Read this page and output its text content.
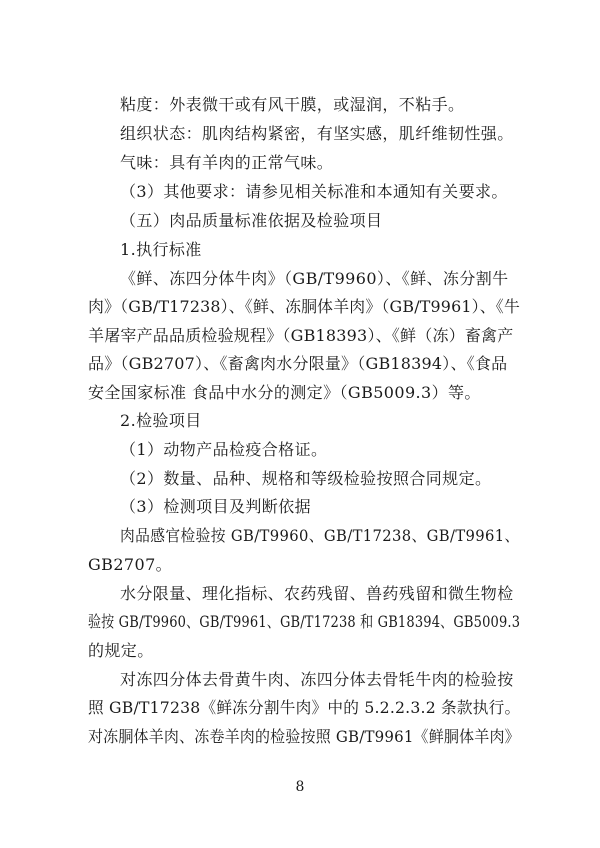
粘度：外表微干或有风干膜，或湿润，不粘手。
组织状态：肌肉结构紧密，有坚实感，肌纤维韧性强。
气味：具有羊肉的正常气味。
（3）其他要求：请参见相关标准和本通知有关要求。
（五）肉品质量标准依据及检验项目
1.执行标准
《鲜、冻四分体牛肉》（GB/T9960）、《鲜、冻分割牛
肉》（GB/T17238）、《鲜、冻胴体羊肉》（GB/T9961）、《牛
羊屠宰产品品质检验规程》（GB18393）、《鲜（冻）畜禽产
品》（GB2707）、《畜禽肉水分限量》（GB18394）、《食品
安全国家标准 食品中水分的测定》（GB5009.3）等。
2.检验项目
（1）动物产品检疫合格证。
（2）数量、品种、规格和等级检验按照合同规定。
（3）检测项目及判断依据
肉品感官检验按 GB/T9960、GB/T17238、GB/T9961、
GB2707。
水分限量、理化指标、农药残留、兽药残留和微生物检
验按 GB/T9960、GB/T9961、GB/T17238 和 GB18394、GB5009.3
的规定。
对冻四分体去骨黄牛肉、冻四分体去骨牦牛肉的检验按
照 GB/T17238《鲜冻分割牛肉》中的 5.2.2.3.2 条款执行。
对冻胴体羊肉、冻卷羊肉的检验按照 GB/T9961《鲜胴体羊肉》
8
